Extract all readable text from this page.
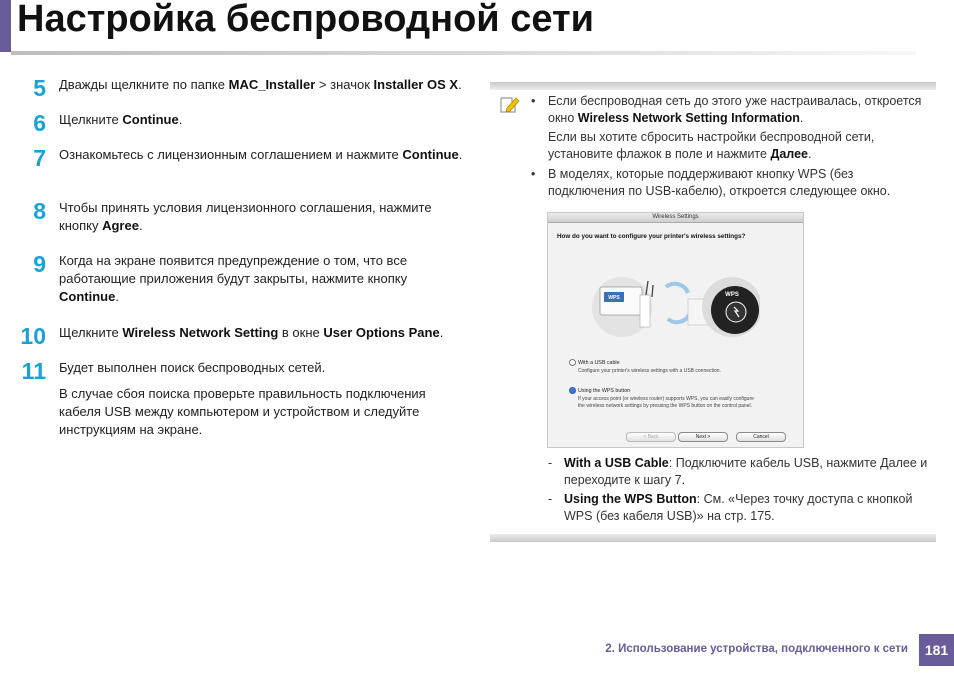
Настройка беспроводной сети
5 Дважды щелкните по папке MAC_Installer > значок Installer OS X.

6 Щелкните Continue.

7 Ознакомьтесь с лицензионным соглашением и нажмите Continue.

8 Чтобы принять условия лицензионного соглашения, нажмите кнопку Agree.

9 Когда на экране появится предупреждение о том, что все работающие приложения будут закрыты, нажмите кнопку Continue.

10 Щелкните Wireless Network Setting в окне User Options Pane.

11 Будет выполнен поиск беспроводных сетей.

В случае сбоя поиска проверьте правильность подключения кабеля USB между компьютером и устройством и следуйте инструкциям на экране.

•	Если беспроводная сеть до этого уже настраивалась, откроется окно Wireless Network Setting Information.

Если вы хотите сбросить настройки беспроводной сети, установите флажок в поле и нажмите Далее.

•	В моделях, которые поддерживают кнопку WPS (без подключения по USB-кабелю), откроется следующее окно.

Wireless Settings
How do you want to configure your printer's wireless settings?
WPS	WPS
With a USB cable
Configure your printer's wireless settings with a USB connection.
Using the WPS button
If your access point (or wireless router) supports WPS, you can easily configure
the wireless network settings by pressing the WPS button on the control panel.
< Back	Next >	Cancel
- With a USB Cable: Подключите кабель USB, нажмите Далее и переходите к шагу 7.

- Using the WPS Button: См. «Через точку доступа с кнопкой WPS (без кабеля USB)» на стр. 175.

2. Использование устройства, подключенного к сети	181
